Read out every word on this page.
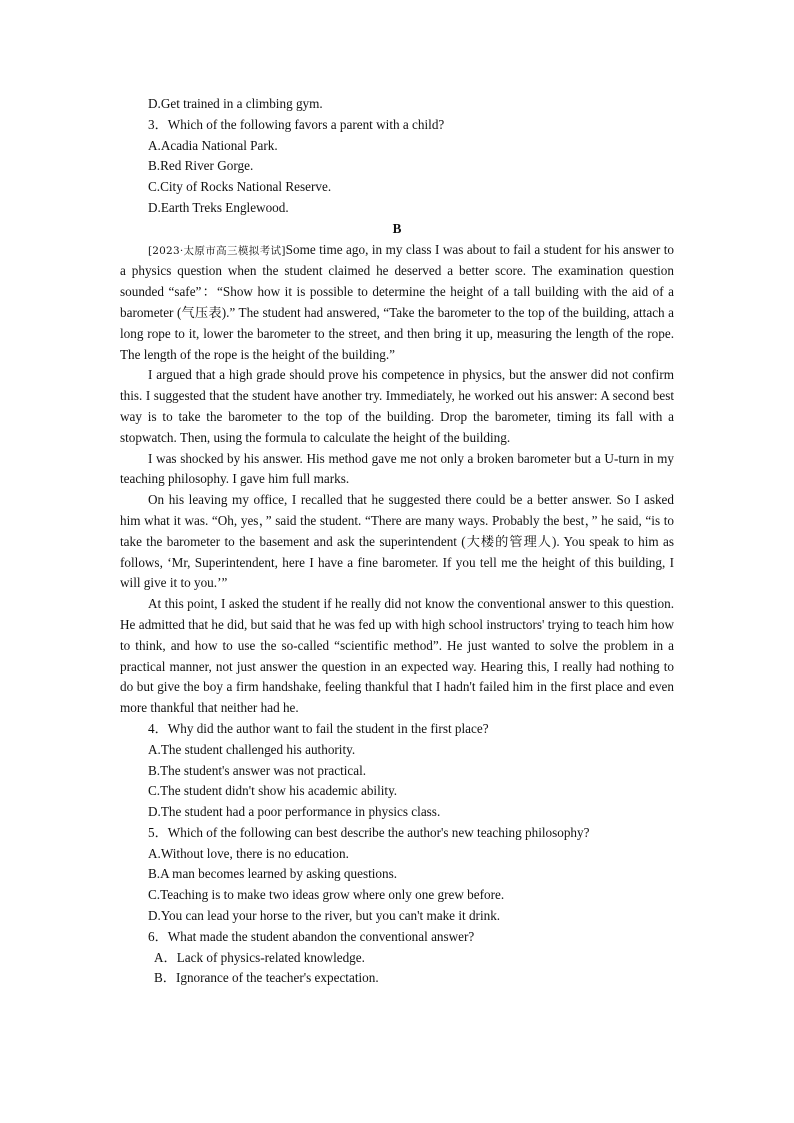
D.Get trained in a climbing gym.

3．Which of the following favors a parent with a child?

A.Acadia National Park.

B.Red River Gorge.

C.City of Rocks National Reserve.

D.Earth Treks Englewood.

B

[2023·太原市高三模拟考试]Some time ago, in my class I was about to fail a student for his answer to a physics question when the student claimed he deserved a better score. The examination question sounded “safe”：“Show how it is possible to determine the height of a tall building with the aid of a barometer (气压表).” The student had answered, “Take the barometer to the top of the building, attach a long rope to it, lower the barometer to the street, and then bring it up, measuring the length of the rope. The length of the rope is the height of the building.”

I argued that a high grade should prove his competence in physics, but the answer did not confirm this. I suggested that the student have another try. Immediately, he worked out his answer: A second best way is to take the barometer to the top of the building. Drop the barometer, timing its fall with a stopwatch. Then, using the formula to calculate the height of the building.

I was shocked by his answer. His method gave me not only a broken barometer but a U-turn in my teaching philosophy. I gave him full marks.

On his leaving my office, I recalled that he suggested there could be a better answer. So I asked him what it was. “Oh, yes，” said the student. “There are many ways. Probably the best，” he said, “is to take the barometer to the basement and ask the superintendent (大楼的管理人). You speak to him as follows, ‘Mr, Superintendent, here I have a fine barometer. If you tell me the height of this building, I will give it to you.’”

At this point, I asked the student if he really did not know the conventional answer to this question. He admitted that he did, but said that he was fed up with high school instructors' trying to teach him how to think, and how to use the so-called “scientific method”. He just wanted to solve the problem in a practical manner, not just answer the question in an expected way. Hearing this, I really had nothing to do but give the boy a firm handshake, feeling thankful that I hadn't failed him in the first place and even more thankful that neither had he.

4．Why did the author want to fail the student in the first place?

A.The student challenged his authority.

B.The student's answer was not practical.

C.The student didn't show his academic ability.

D.The student had a poor performance in physics class.

5．Which of the following can best describe the author's new teaching philosophy?

A.Without love, there is no education.

B.A man becomes learned by asking questions.

C.Teaching is to make two ideas grow where only one grew before.

D.You can lead your horse to the river, but you can't make it drink.

6．What made the student abandon the conventional answer?

A．Lack of physics-related knowledge.

B．Ignorance of the teacher's expectation.
